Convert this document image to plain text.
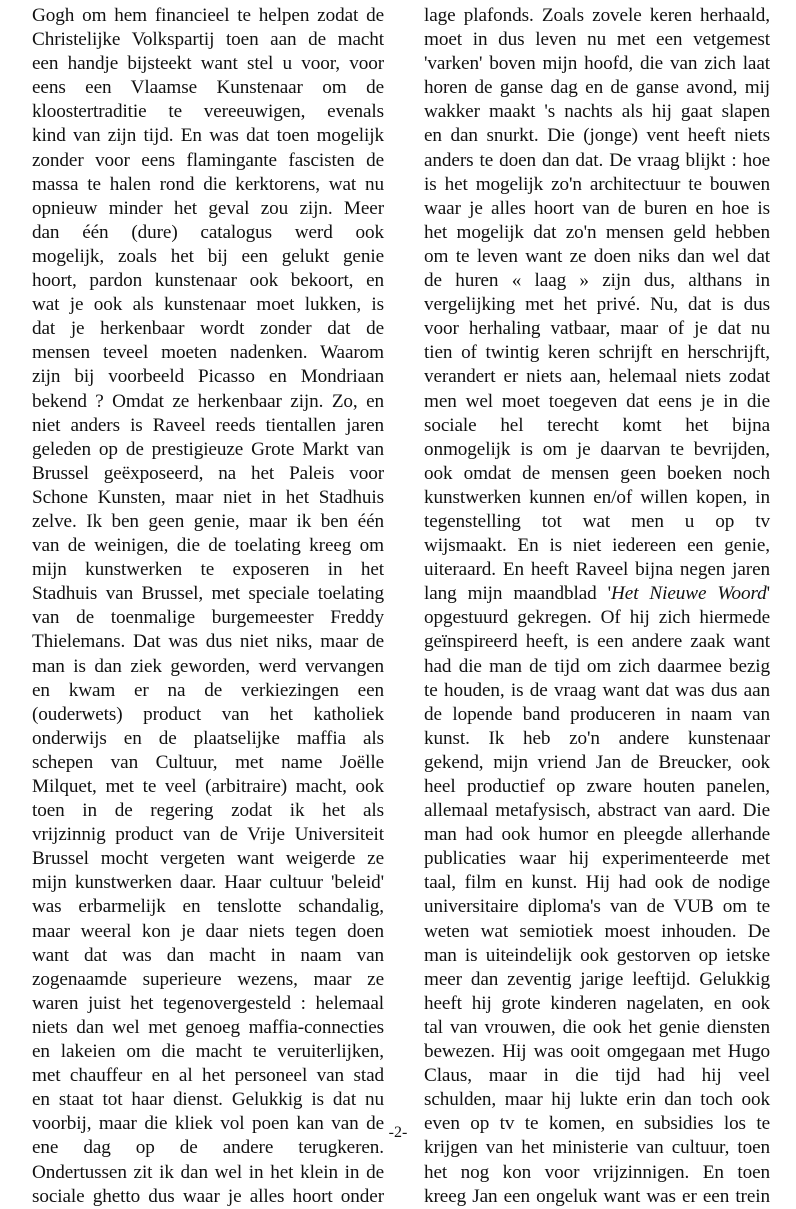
Gogh om hem financieel te helpen zodat de
Christelijke Volkspartij toen aan de macht
een handje bijsteekt want stel u voor, voor
eens een Vlaamse Kunstenaar om de
kloostertraditie te vereeuwigen, evenals
kind van zijn tijd. En was dat toen mogelijk
zonder voor eens flamingante fascisten de
massa te halen rond die kerktorens, wat nu
opnieuw minder het geval zou zijn. Meer
dan één (dure) catalogus werd ook
mogelijk, zoals het bij een gelukt genie
hoort, pardon kunstenaar ook bekoort, en
wat je ook als kunstenaar moet lukken, is
dat je herkenbaar wordt zonder dat de
mensen teveel moeten nadenken. Waarom
zijn bij voorbeeld Picasso en Mondriaan
bekend ? Omdat ze herkenbaar zijn. Zo, en
niet anders is Raveel reeds tientallen jaren
geleden op de prestigieuze Grote Markt van
Brussel geëxposeerd, na het Paleis voor
Schone Kunsten, maar niet in het Stadhuis
zelve. Ik ben geen genie, maar ik ben één
van de weinigen, die de toelating kreeg om
mijn kunstwerken te exposeren in het
Stadhuis van Brussel, met speciale toelating
van de toenmalige burgemeester Freddy
Thielemans. Dat was dus niet niks, maar de
man is dan ziek geworden, werd vervangen
en kwam er na de verkiezingen een
(ouderwets) product van het katholiek
onderwijs en de plaatselijke maffia als
schepen van Cultuur, met name Joëlle
Milquet, met te veel (arbitraire) macht, ook
toen in de regering zodat ik het als
vrijzinnig product van de Vrije Universiteit
Brussel mocht vergeten want weigerde ze
mijn kunstwerken daar. Haar cultuur 'beleid'
was erbarmelijk en tenslotte schandalig,
maar weeral kon je daar niets tegen doen
want dat was dan macht in naam van
zogenaamde superieure wezens, maar ze
waren juist het tegenovergesteld : helemaal
niets dan wel met genoeg maffia-connecties
en lakeien om die macht te veruiterlijken,
met chauffeur en al het personeel van stad
en staat tot haar dienst. Gelukkig is dat nu
voorbij, maar die kliek vol poen kan van de
ene dag op de andere terugkeren.
Ondertussen zit ik dan wel in het klein in de
sociale ghetto dus waar je alles hoort onder
lage plafonds. Zoals zovele keren herhaald,
moet in dus leven nu met een vetgemest
'varken' boven mijn hoofd, die van zich laat
horen de ganse dag en de ganse avond, mij
wakker maakt 's nachts als hij gaat slapen
en dan snurkt. Die (jonge) vent heeft niets
anders te doen dan dat. De vraag blijkt : hoe
is het mogelijk zo'n architectuur te bouwen
waar je alles hoort van de buren en hoe is
het mogelijk dat zo'n mensen geld hebben
om te leven want ze doen niks dan wel dat
de huren « laag » zijn dus, althans in
vergelijking met het privé. Nu, dat is dus
voor herhaling vatbaar, maar of je dat nu
tien of twintig keren schrijft en herschrijft,
verandert er niets aan, helemaal niets zodat
men wel moet toegeven dat eens je in die
sociale hel terecht komt het bijna
onmogelijk is om je daarvan te bevrijden,
ook omdat de mensen geen boeken noch
kunstwerken kunnen en/of willen kopen, in
tegenstelling tot wat men u op tv
wijsmaakt. En is niet iedereen een genie,
uiteraard. En heeft Raveel bijna negen jaren
lang mijn maandblad 'Het Nieuwe Woord'
opgestuurd gekregen. Of hij zich hiermede
geïnspireerd heeft, is een andere zaak want
had die man de tijd om zich daarmee bezig
te houden, is de vraag want dat was dus aan
de lopende band produceren in naam van
kunst. Ik heb zo'n andere kunstenaar
gekend, mijn vriend Jan de Breucker, ook
heel productief op zware houten panelen,
allemaal metafysisch, abstract van aard. Die
man had ook humor en pleegde allerhande
publicaties waar hij experimenteerde met
taal, film en kunst. Hij had ook de nodige
universitaire diploma's van de VUB om te
weten wat semiotiek moest inhouden. De
man is uiteindelijk ook gestorven op ietske
meer dan zeventig jarige leeftijd. Gelukkig
heeft hij grote kinderen nagelaten, en ook
tal van vrouwen, die ook het genie diensten
bewezen. Hij was ooit omgegaan met Hugo
Claus, maar in die tijd had hij veel
schulden, maar hij lukte erin dan toch ook
even op tv te komen, en subsidies los te
krijgen van het ministerie van cultuur, toen
het nog kon voor vrijzinnigen. En toen
kreeg Jan een ongeluk want was er een trein
-2-
